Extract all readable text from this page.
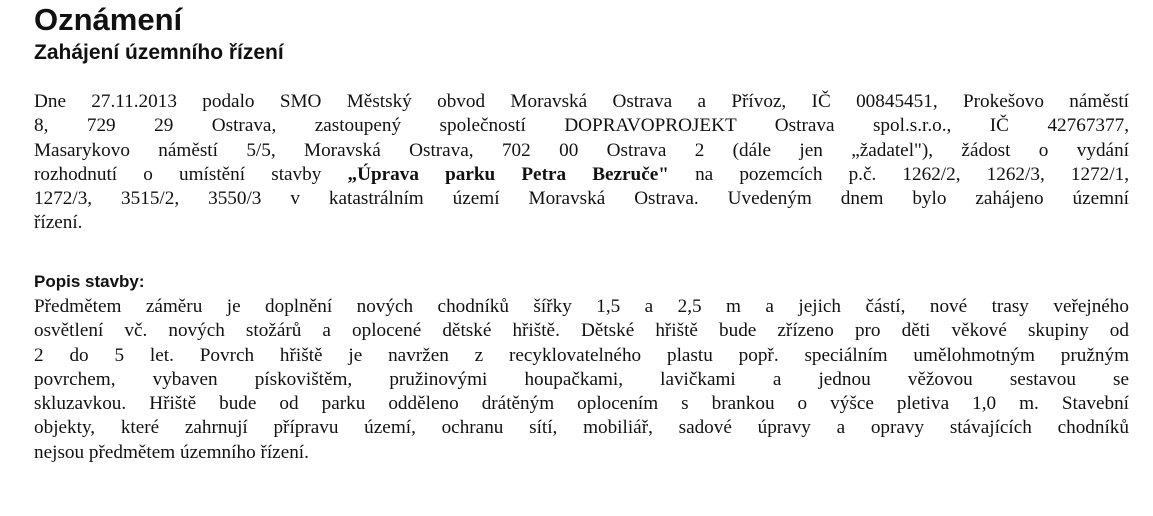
Oznámení
Zahájení územního řízení
Dne 27.11.2013 podalo SMO Městský obvod Moravská Ostrava a Přívoz, IČ 00845451, Prokešovo náměstí
8, 729 29 Ostrava, zastoupený společností DOPRAVOPROJEKT Ostrava spol.s.r.o., IČ 42767377,
Masarykovo náměstí 5/5, Moravská Ostrava, 702 00 Ostrava 2 (dále jen „žadatel"), žádost o vydání
rozhodnutí o umístění stavby „Úprava parku Petra Bezruče" na pozemcích p.č. 1262/2, 1262/3, 1272/1,
1272/3, 3515/2, 3550/3 v katastrálním území Moravská Ostrava. Uvedeným dnem bylo zahájeno územní
řízení.
Popis stavby:
Předmětem záměru je doplnění nových chodníků šířky 1,5 a 2,5 m a jejich částí, nové trasy veřejného
osvětlení vč. nových stožárů a oplocené dětské hřiště. Dětské hřiště bude zřízeno pro děti věkové skupiny od
2 do 5 let. Povrch hřiště je navržen z recyklovatelného plastu popř. speciálním umělohmotným pružným
povrchem, vybaven pískovištěm, pružinovými houpačkami, lavičkami a jednou věžovou sestavou se
skluzavkou. Hřiště bude od parku odděleno drátěným oplocením s brankou o výšce pletiva 1,0 m. Stavební
objekty, které zahrnují přípravu území, ochranu sítí, mobiliář, sadové úpravy a opravy stávajících chodníků
nejsou předmětem územního řízení.
